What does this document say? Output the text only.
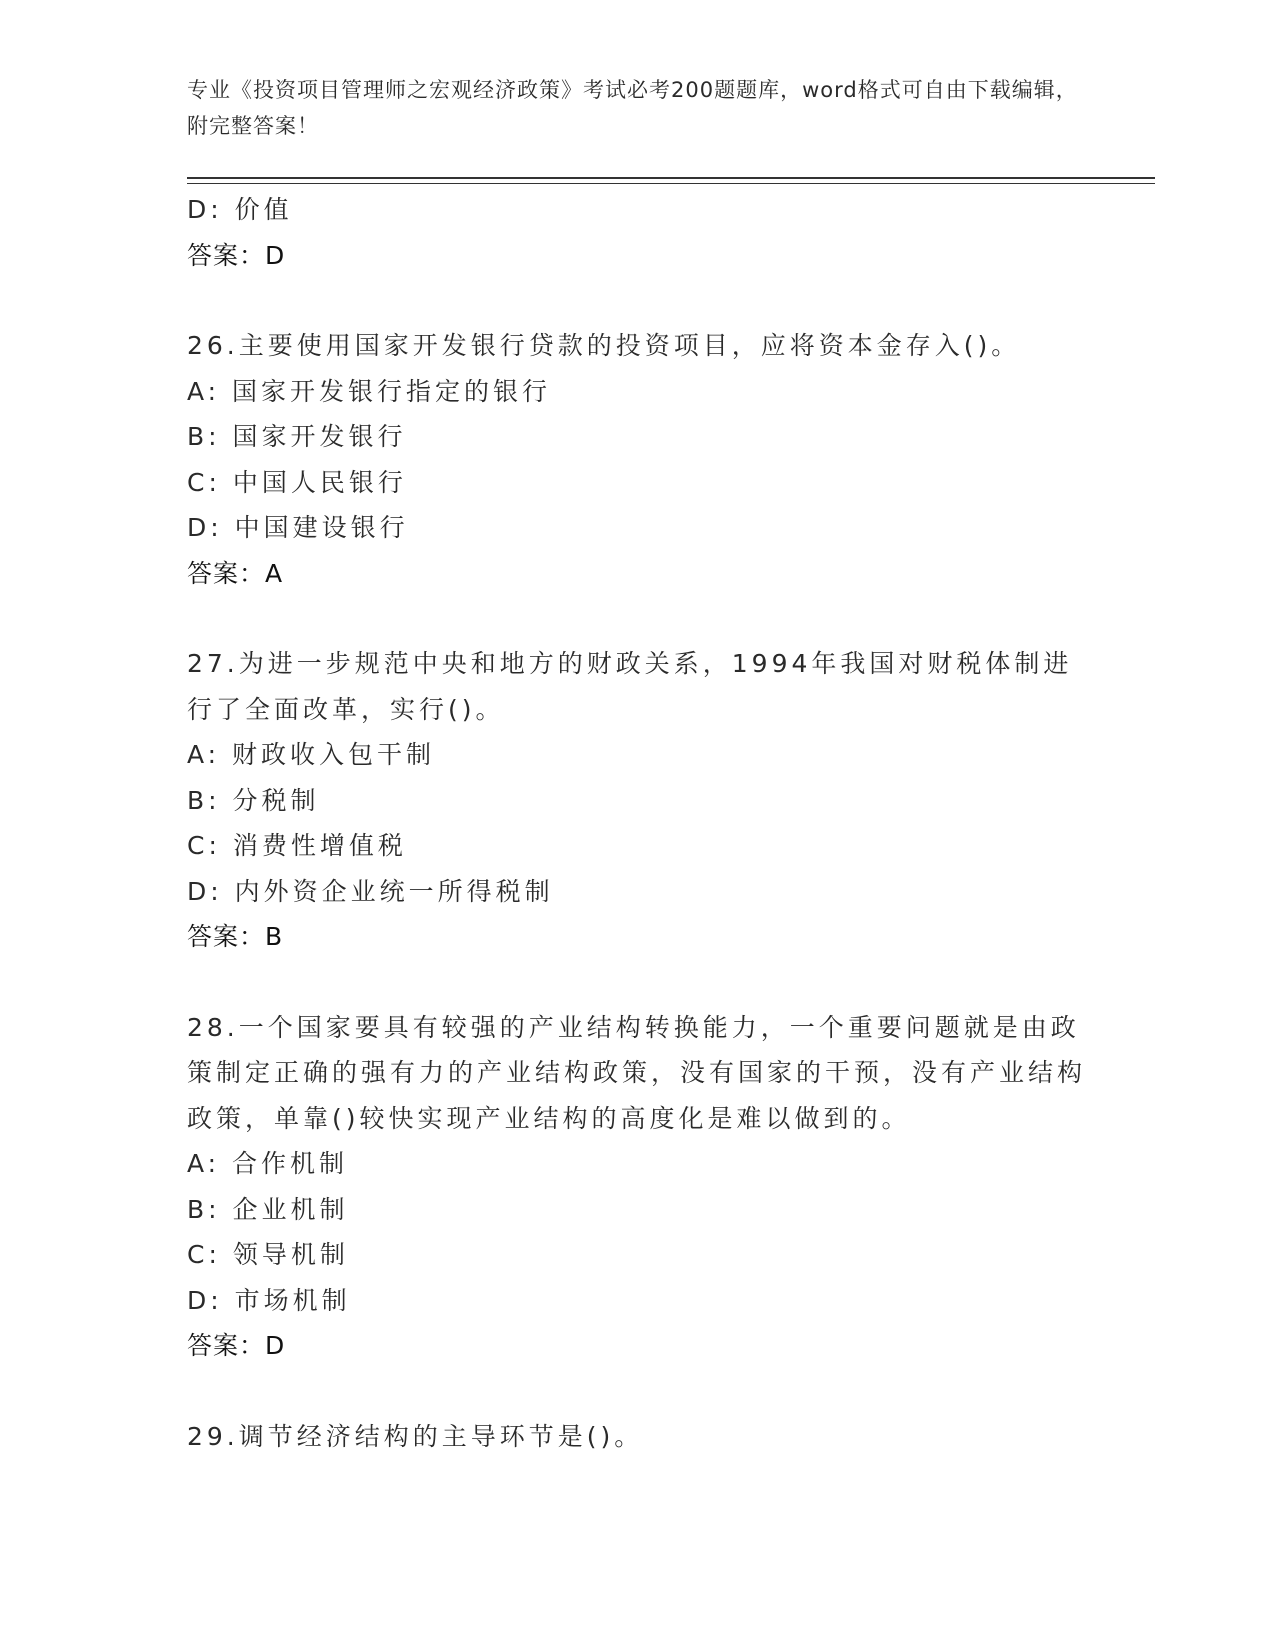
专业《投资项目管理师之宏观经济政策》考试必考200题题库，word格式可自由下载编辑，附完整答案！
D: 价值
答案：D
26.主要使用国家开发银行贷款的投资项目，应将资本金存入()。
A: 国家开发银行指定的银行
B: 国家开发银行
C: 中国人民银行
D: 中国建设银行
答案：A
27.为进一步规范中央和地方的财政关系，1994年我国对财税体制进行了全面改革，实行()。
A: 财政收入包干制
B: 分税制
C: 消费性增值税
D: 内外资企业统一所得税制
答案：B
28.一个国家要具有较强的产业结构转换能力，一个重要问题就是由政策制定正确的强有力的产业结构政策，没有国家的干预，没有产业结构政策，单靠()较快实现产业结构的高度化是难以做到的。
A: 合作机制
B: 企业机制
C: 领导机制
D: 市场机制
答案：D
29.调节经济结构的主导环节是()。
